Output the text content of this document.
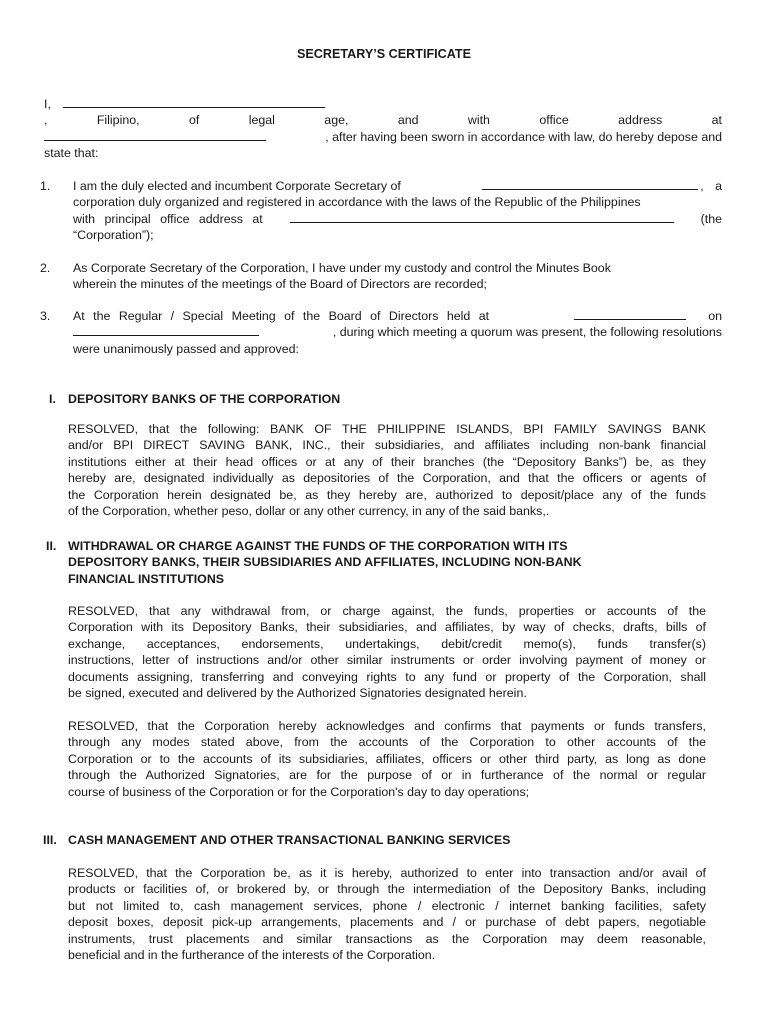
SECRETARY’S CERTIFICATE
I,
, Filipino, of legal age, and with office address at
, after having been sworn in accordance with law, do hereby depose and
state that:
1. I am the duly elected and incumbent Corporate Secretary of	, a
corporation duly organized and registered in accordance with the laws of the Republic of the Philippines
with principal office address at	(the
“Corporation”);
2. As Corporate Secretary of the Corporation, I have under my custody and control the Minutes Book
wherein the minutes of the meetings of the Board of Directors are recorded;
3. At the Regular / Special Meeting of the Board of Directors held at	on
, during which meeting a quorum was present, the following resolutions
were unanimously passed and approved:
I. DEPOSITORY BANKS OF THE CORPORATION
RESOLVED, that the following: BANK OF THE PHILIPPINE ISLANDS, BPI FAMILY SAVINGS BANK
and/or BPI DIRECT SAVING BANK, INC., their subsidiaries, and affiliates including non-bank financial
institutions either at their head offices or at any of their branches (the “Depository Banks”) be, as they
hereby are, designated individually as depositories of the Corporation, and that the officers or agents of
the Corporation herein designated be, as they hereby are, authorized to deposit/place any of the funds
of the Corporation, whether peso, dollar or any other currency, in any of the said banks,.
II. WITHDRAWAL OR CHARGE AGAINST THE FUNDS OF THE CORPORATION WITH ITS
DEPOSITORY BANKS, THEIR SUBSIDIARIES AND AFFILIATES, INCLUDING NON-BANK
FINANCIAL INSTITUTIONS
RESOLVED, that any withdrawal from, or charge against, the funds, properties or accounts of the
Corporation with its Depository Banks, their subsidiaries, and affiliates, by way of checks, drafts, bills of
exchange, acceptances, endorsements, undertakings, debit/credit memo(s), funds transfer(s)
instructions, letter of instructions and/or other similar instruments or order involving payment of money or
documents assigning, transferring and conveying rights to any fund or property of the Corporation, shall
be signed, executed and delivered by the Authorized Signatories designated herein.
RESOLVED, that the Corporation hereby acknowledges and confirms that payments or funds transfers,
through any modes stated above, from the accounts of the Corporation to other accounts of the
Corporation or to the accounts of its subsidiaries, affiliates, officers or other third party, as long as done
through the Authorized Signatories, are for the purpose of or in furtherance of the normal or regular
course of business of the Corporation or for the Corporation's day to day operations;
III. CASH MANAGEMENT AND OTHER TRANSACTIONAL BANKING SERVICES
RESOLVED, that the Corporation be, as it is hereby, authorized to enter into transaction and/or avail of
products or facilities of, or brokered by, or through the intermediation of the Depository Banks, including
but not limited to, cash management services, phone / electronic / internet banking facilities, safety
deposit boxes, deposit pick-up arrangements, placements and / or purchase of debt papers, negotiable
instruments, trust placements and similar transactions as the Corporation may deem reasonable,
beneficial and in the furtherance of the interests of the Corporation.
